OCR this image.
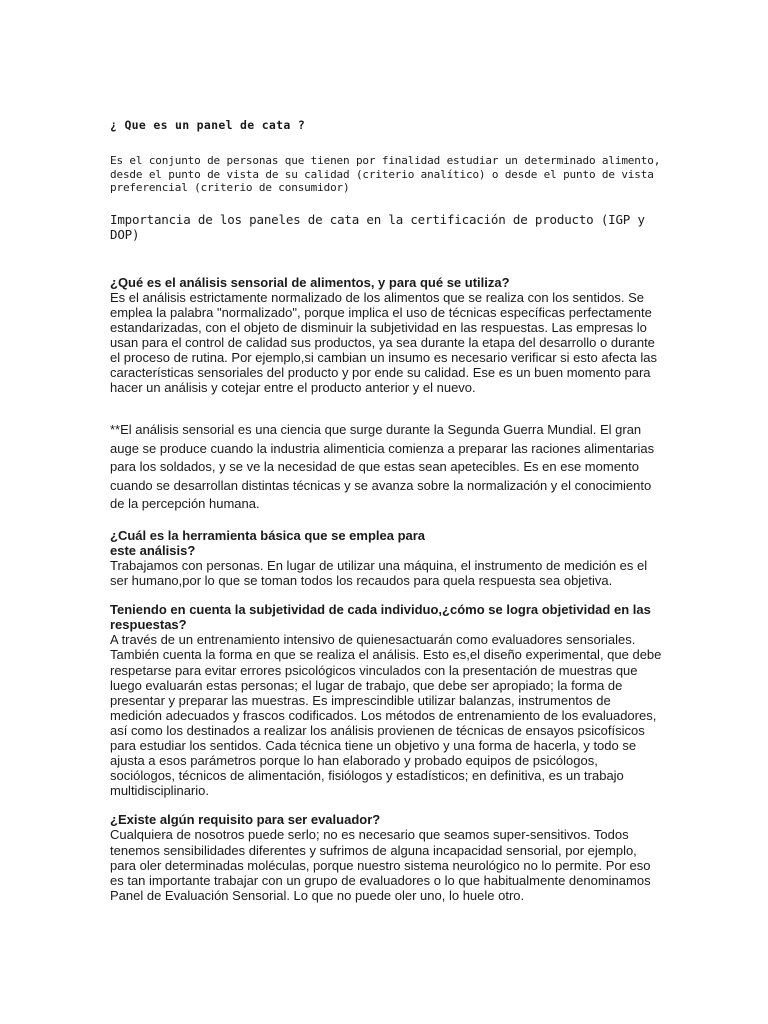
¿ Que es un panel de cata ?

Es el conjunto de personas que tienen por finalidad estudiar un determinado alimento, desde el punto de vista de su calidad (criterio analítico) o desde el punto de vista preferencial (criterio de consumidor)

Importancia de los paneles de cata en la certificación de producto (IGP y DOP)

¿Qué es el análisis sensorial de alimentos, y para qué se utiliza?
Es el análisis estrictamente normalizado de los alimentos que se realiza con los sentidos. Se emplea la palabra "normalizado", porque implica el uso de técnicas específicas perfectamente estandarizadas, con el objeto de disminuir la subjetividad en las respuestas. Las empresas lo usan para el control de calidad sus productos, ya sea durante la etapa del desarrollo o durante el proceso de rutina. Por ejemplo,si cambian un insumo es necesario verificar si esto afecta las características sensoriales del producto y por ende su calidad. Ese es un buen momento para hacer un análisis y cotejar entre el producto anterior y el nuevo.

**El análisis sensorial es una ciencia que surge durante la Segunda Guerra Mundial. El gran auge se produce cuando la industria alimenticia comienza a preparar las raciones alimentarias para los soldados, y se ve la necesidad de que estas sean apetecibles. Es en ese momento cuando se desarrollan distintas técnicas y se avanza sobre la normalización y el conocimiento de la percepción humana.

¿Cuál es la herramienta básica que se emplea para este análisis?
Trabajamos con personas. En lugar de utilizar una máquina, el instrumento de medición es el ser humano,por lo que se toman todos los recaudos para quela respuesta sea objetiva.
Teniendo en cuenta la subjetividad de cada individuo,¿cómo se logra objetividad en las respuestas?
A través de un entrenamiento intensivo de quienesactuarán como evaluadores sensoriales. También cuenta la forma en que se realiza el análisis. Esto es,el diseño experimental, que debe respetarse para evitar errores psicológicos vinculados con la presentación de muestras que luego evaluarán estas personas; el lugar de trabajo, que debe ser apropiado; la forma de presentar y preparar las muestras. Es imprescindible utilizar balanzas, instrumentos de medición adecuados y frascos codificados. Los métodos de entrenamiento de los evaluadores, así como los destinados a realizar los análisis provienen de técnicas de ensayos psicofísicos para estudiar los sentidos. Cada técnica tiene un objetivo y una forma de hacerla, y todo se ajusta a esos parámetros porque lo han elaborado y probado equipos de psicólogos, sociólogos, técnicos de alimentación, fisiólogos y estadísticos; en definitiva, es un trabajo multidisciplinario.
¿Existe algún requisito para ser evaluador?
Cualquiera de nosotros puede serlo; no es necesario que seamos super-sensitivos. Todos tenemos sensibilidades diferentes y sufrimos de alguna incapacidad sensorial, por ejemplo, para oler determinadas moléculas, porque nuestro sistema neurológico no lo permite. Por eso es tan importante trabajar con un grupo de evaluadores o lo que habitualmente denominamos Panel de Evaluación Sensorial. Lo que no puede oler uno, lo huele otro.
